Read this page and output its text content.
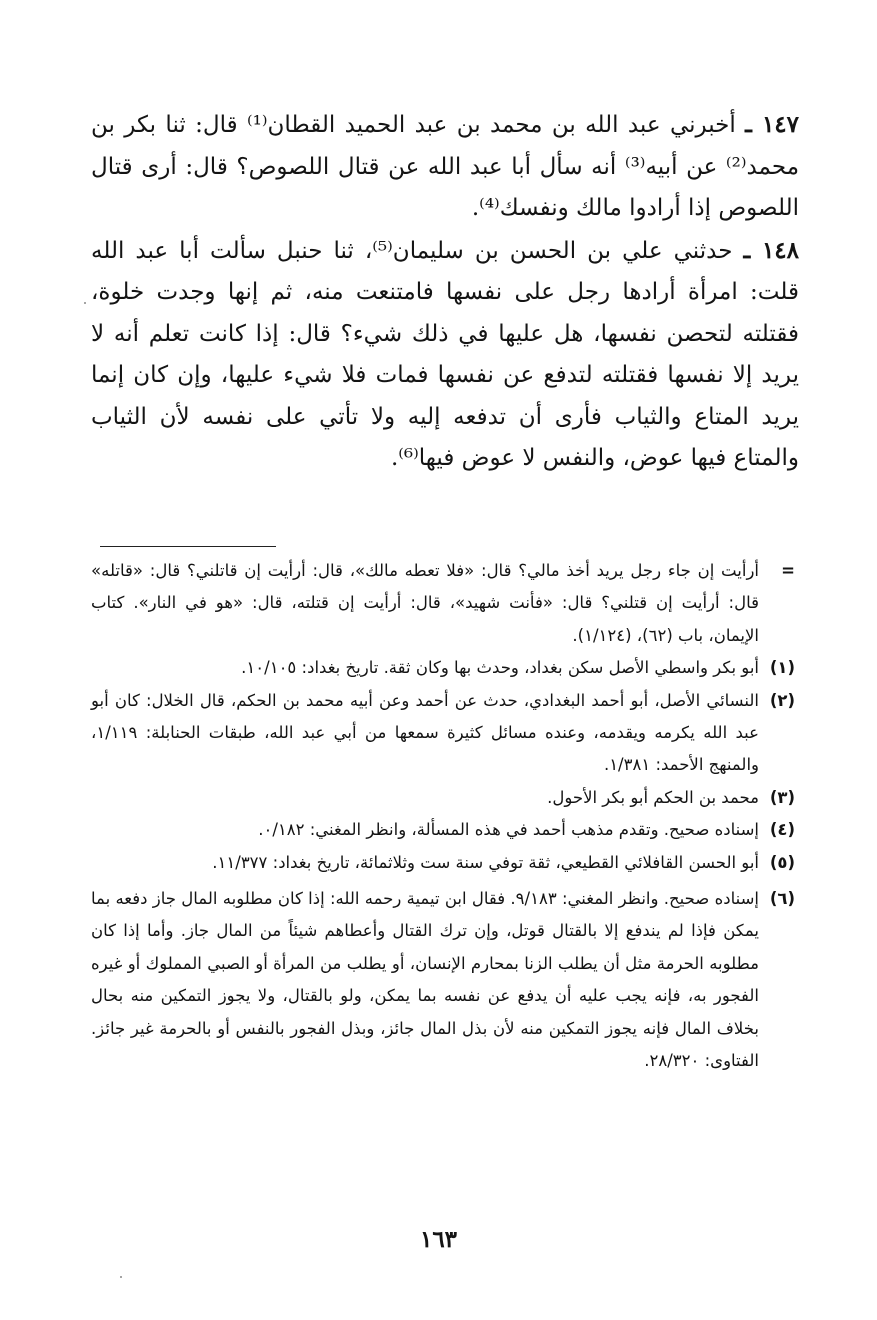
١٤٧ ـ أخبرني عبد الله بن محمد بن عبد الحميد القطان⁽¹⁾ قال: ثنا بكر بن محمد⁽²⁾ عن أبيه⁽³⁾ أنه سأل أبا عبد الله عن قتال اللصوص؟ قال: أرى قتال اللصوص إذا أرادوا مالك ونفسك⁽⁴⁾.

١٤٨ ـ حدثني علي بن الحسن بن سليمان⁽⁵⁾، ثنا حنبل سألت أبا عبد الله قلت: امرأة أرادها رجل على نفسها فامتنعت منه، ثم إنها وجدت خلوة، فقتلته لتحصن نفسها، هل عليها في ذلك شيء؟ قال: إذا كانت تعلم أنه لا يريد إلا نفسها فقتلته لتدفع عن نفسها فمات فلا شيء عليها، وإن كان إنما يريد المتاع والثياب فأرى أن تدفعه إليه ولا تأتي على نفسه لأن الثياب والمتاع فيها عوض، والنفس لا عوض فيها⁽⁶⁾.

=
أرأيت إن جاء رجل يريد أخذ مالي؟ قال: «فلا تعطه مالك»، قال: أرأيت إن قاتلني؟ قال: «قاتله» قال: أرأيت إن قتلني؟ قال: «فأنت شهيد»، قال: أرأيت إن قتلته، قال: «هو في النار». كتاب الإيمان، باب (٦٢)، (١/١٢٤).

(١)
أبو بكر واسطي الأصل سكن بغداد، وحدث بها وكان ثقة. تاريخ بغداد: ١٠/١٠٥.

(٢)
النسائي الأصل، أبو أحمد البغدادي، حدث عن أحمد وعن أبيه محمد بن الحكم، قال الخلال: كان أبو عبد الله يكرمه ويقدمه، وعنده مسائل كثيرة سمعها من أبي عبد الله، طبقات الحنابلة: ١/١١٩، والمنهج الأحمد: ١/٣٨١.

(٣)
محمد بن الحكم أبو بكر الأحول.

(٤)
إسناده صحيح. وتقدم مذهب أحمد في هذه المسألة، وانظر المغني: ٠/١٨٢.

(٥)
أبو الحسن القافلائي القطيعي، ثقة توفي سنة ست وثلاثمائة، تاريخ بغداد: ١١/٣٧٧.

(٦)
إسناده صحيح. وانظر المغني: ٩/١٨٣. فقال ابن تيمية رحمه الله: إذا كان مطلوبه المال جاز دفعه بما يمكن فإذا لم يندفع إلا بالقتال قوتل، وإن ترك القتال وأعطاهم شيئاً من المال جاز. وأما إذا كان مطلوبه الحرمة مثل أن يطلب الزنا بمحارم الإنسان، أو يطلب من المرأة أو الصبي المملوك أو غيره الفجور به، فإنه يجب عليه أن يدفع عن نفسه بما يمكن، ولو بالقتال، ولا يجوز التمكين منه بحال بخلاف المال فإنه يجوز التمكين منه لأن بذل المال جائز، وبذل الفجور بالنفس أو بالحرمة غير جائز. الفتاوى: ٢٨/٣٢٠.

١٦٣
